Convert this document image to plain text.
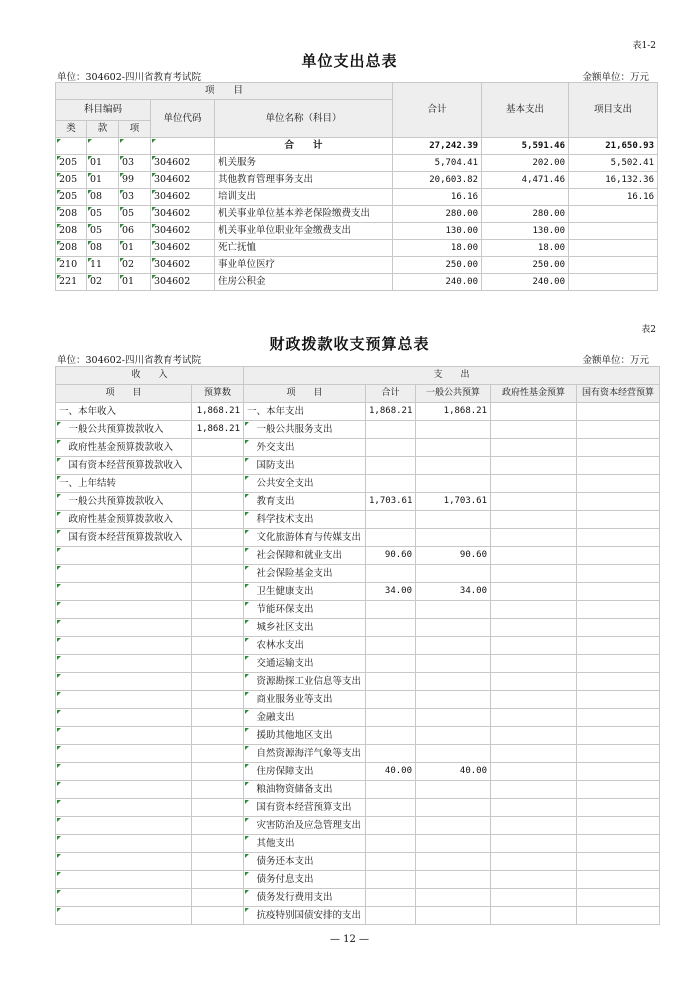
表1-2
单位支出总表
单位：304602-四川省教育考试院	金额单位：万元
项　　目					合计	基本支出	项目支出
科目编码			单位代码	单位名称（科目）			
类	款	项					
				合　　计	27,242.39	5,591.46	21,650.93
205	01	03	304602	机关服务	5,704.41	202.00	5,502.41
205	01	99	304602	其他教育管理事务支出	20,603.82	4,471.46	16,132.36
205	08	03	304602	培训支出	16.16		16.16
208	05	05	304602	机关事业单位基本养老保险缴费支出	280.00	280.00	
208	05	06	304602	机关事业单位职业年金缴费支出	130.00	130.00	
208	08	01	304602	死亡抚恤	18.00	18.00	
210	11	02	304602	事业单位医疗	250.00	250.00	
221	02	01	304602	住房公积金	240.00	240.00	
表2
财政拨款收支预算总表
单位：304602-四川省教育考试院	金额单位：万元
收　　入		支　　出				
项　　目	预算数	项　　目	合计	一般公共预算	政府性基金预算	国有资本经营预算
一、本年收入	1,868.21	一、本年支出	1,868.21	1,868.21		
　一般公共预算拨款收入	1,868.21	　一般公共服务支出				
　政府性基金预算拨款收入		　外交支出				
　国有资本经营预算拨款收入		　国防支出				
一、上年结转		　公共安全支出				
　一般公共预算拨款收入		　教育支出	1,703.61	1,703.61		
　政府性基金预算拨款收入		　科学技术支出				
　国有资本经营预算拨款收入		　文化旅游体育与传媒支出				
		　社会保障和就业支出	90.60	90.60		
		　社会保险基金支出				
		　卫生健康支出	34.00	34.00		
		　节能环保支出				
		　城乡社区支出				
		　农林水支出				
		　交通运输支出				
		　资源勘探工业信息等支出				
		　商业服务业等支出				
		　金融支出				
		　援助其他地区支出				
		　自然资源海洋气象等支出				
		　住房保障支出	40.00	40.00		
		　粮油物资储备支出				
		　国有资本经营预算支出				
		　灾害防治及应急管理支出				
		　其他支出				
		　债务还本支出				
		　债务付息支出				
		　债务发行费用支出				
		　抗疫特别国债安排的支出				
— 12 —
